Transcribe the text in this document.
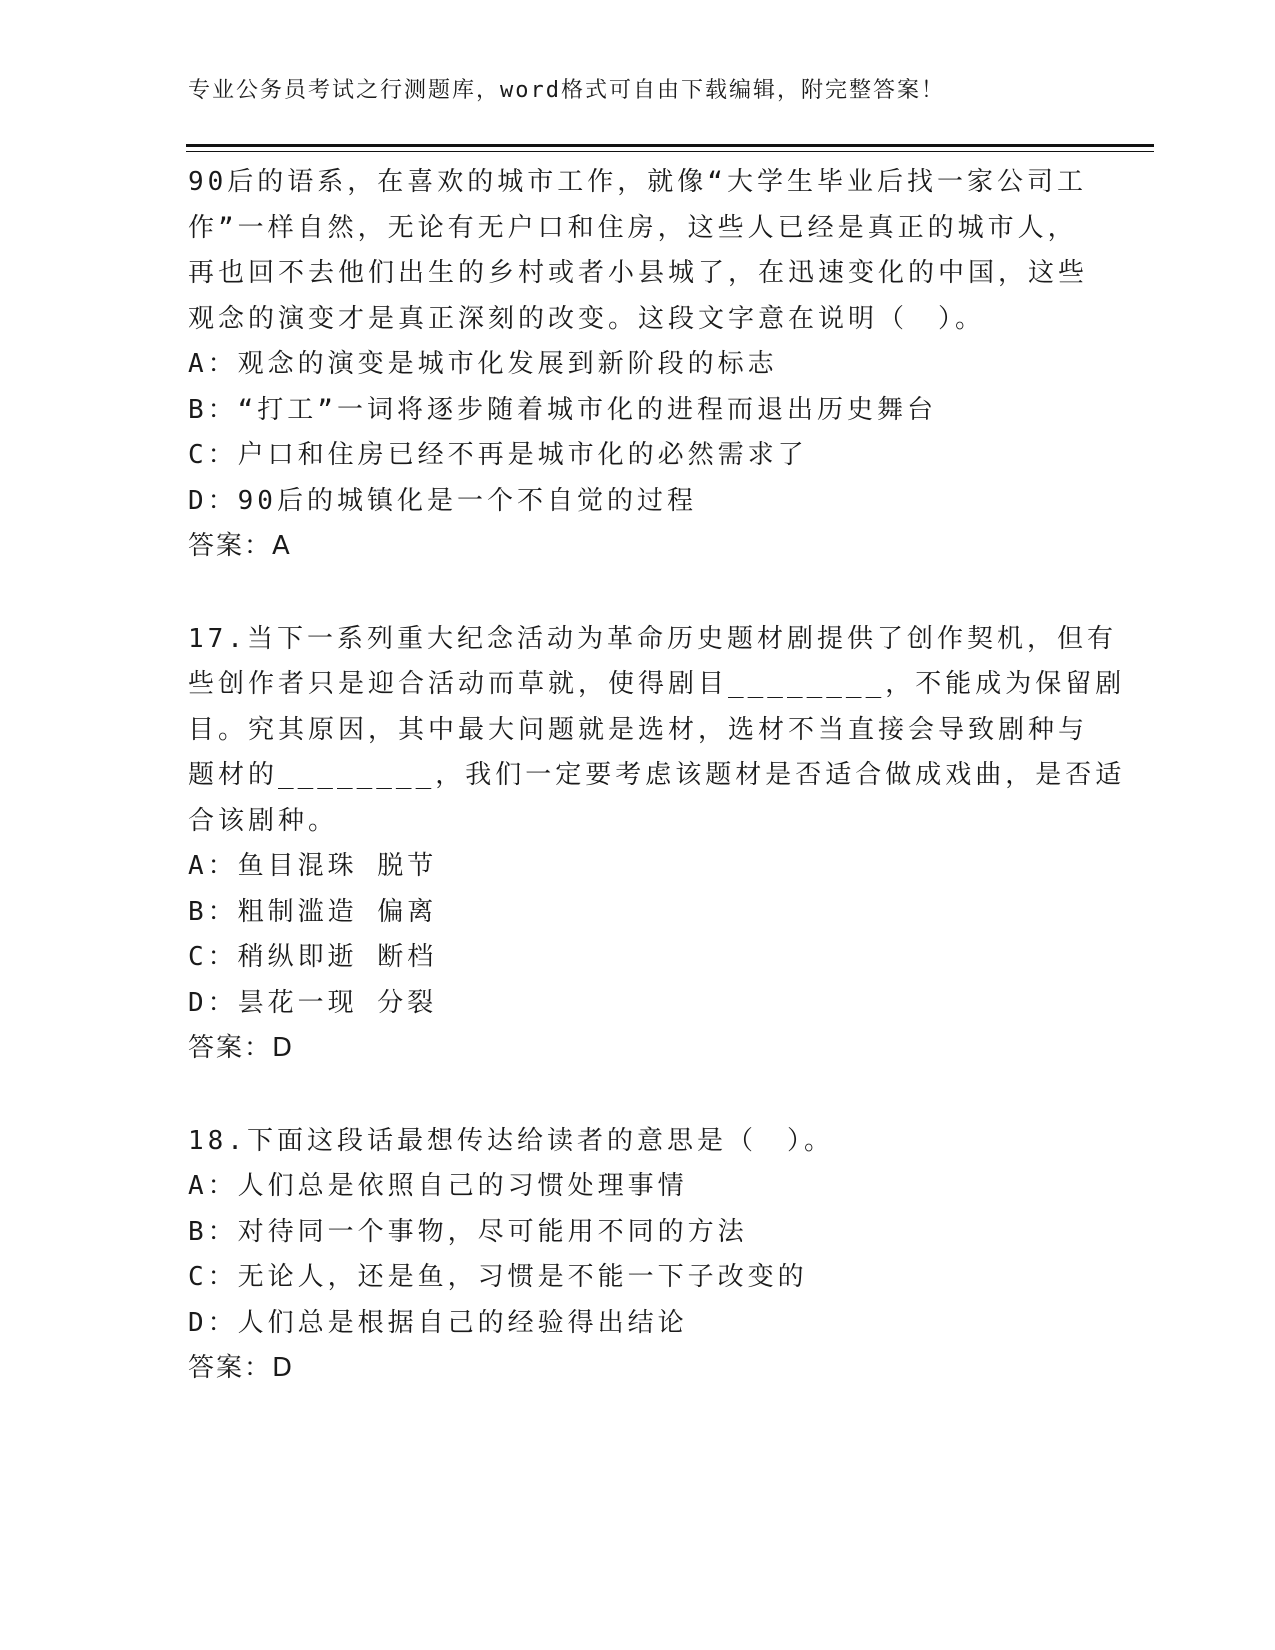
专业公务员考试之行测题库，word格式可自由下载编辑，附完整答案！
90后的语系，在喜欢的城市工作，就像“大学生毕业后找一家公司工
作”一样自然，无论有无户口和住房，这些人已经是真正的城市人，
再也回不去他们出生的乡村或者小县城了，在迅速变化的中国，这些
观念的演变才是真正深刻的改变。这段文字意在说明（　）。
A：观念的演变是城市化发展到新阶段的标志
B：“打工”一词将逐步随着城市化的进程而退出历史舞台
C：户口和住房已经不再是城市化的必然需求了
D：90后的城镇化是一个不自觉的过程
答案：A
17.当下一系列重大纪念活动为革命历史题材剧提供了创作契机，但有
些创作者只是迎合活动而草就，使得剧目________，不能成为保留剧
目。究其原因，其中最大问题就是选材，选材不当直接会导致剧种与
题材的________，我们一定要考虑该题材是否适合做成戏曲，是否适
合该剧种。
A：鱼目混珠 脱节
B：粗制滥造 偏离
C：稍纵即逝 断档
D：昙花一现 分裂
答案：D
18.下面这段话最想传达给读者的意思是（　）。
A：人们总是依照自己的习惯处理事情
B：对待同一个事物，尽可能用不同的方法
C：无论人，还是鱼，习惯是不能一下子改变的
D：人们总是根据自己的经验得出结论
答案：D
